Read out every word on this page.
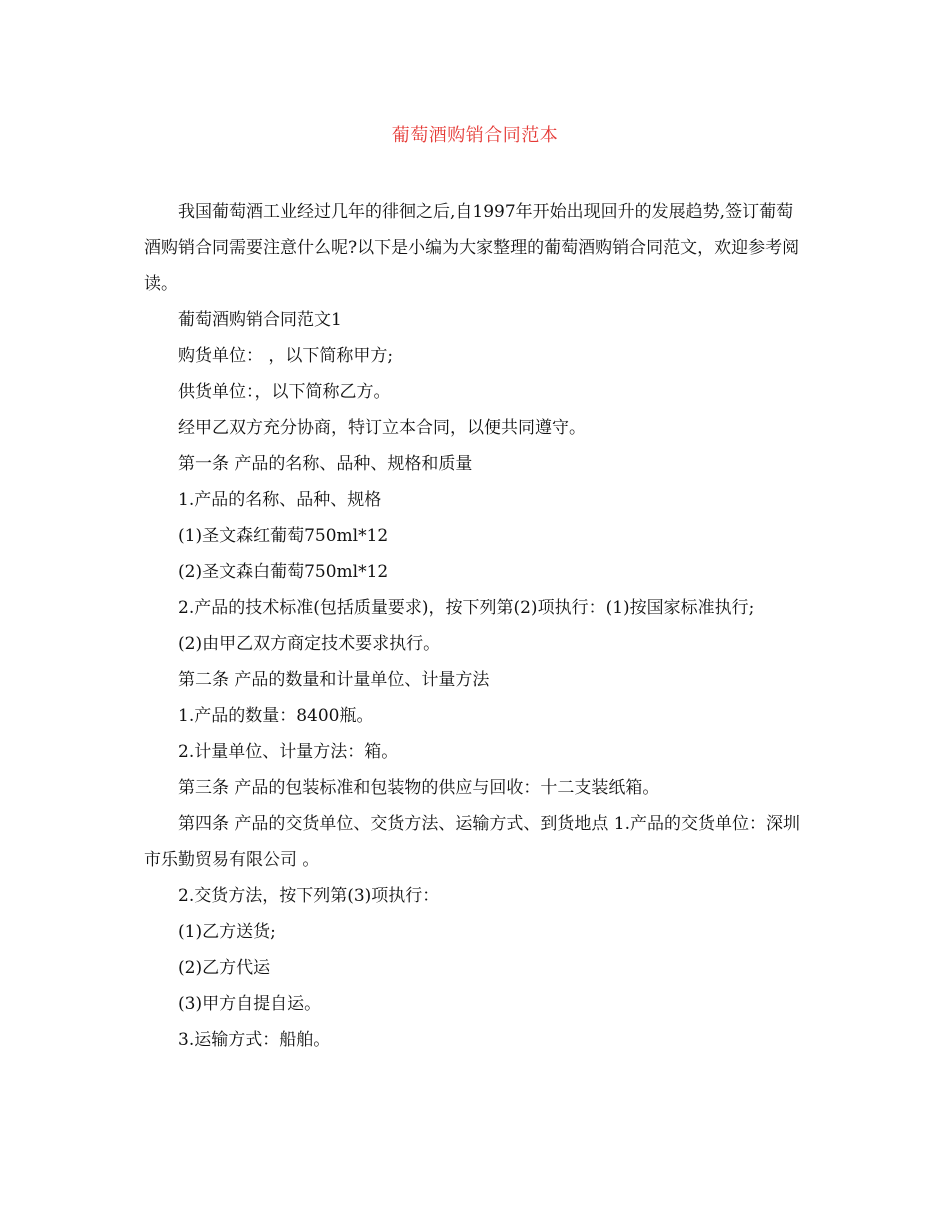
葡萄酒购销合同范本

我国葡萄酒工业经过几年的徘徊之后,自1997年开始出现回升的发展趋势,签订葡萄酒购销合同需要注意什么呢?以下是小编为大家整理的葡萄酒购销合同范文，欢迎参考阅读。

葡萄酒购销合同范文1

购货单位： ，以下简称甲方;

供货单位：，以下简称乙方。

经甲乙双方充分协商，特订立本合同，以便共同遵守。

第一条 产品的名称、品种、规格和质量

1.产品的名称、品种、规格

(1)圣文森红葡萄750ml*12

(2)圣文森白葡萄750ml*12

2.产品的技术标准(包括质量要求)，按下列第(2)项执行：(1)按国家标准执行;

(2)由甲乙双方商定技术要求执行。

第二条 产品的数量和计量单位、计量方法

1.产品的数量：8400瓶。

2.计量单位、计量方法：箱。

第三条 产品的包装标准和包装物的供应与回收：十二支装纸箱。

第四条 产品的交货单位、交货方法、运输方式、到货地点 1.产品的交货单位：深圳市乐勤贸易有限公司 。

2.交货方法，按下列第(3)项执行：

(1)乙方送货;

(2)乙方代运

(3)甲方自提自运。

3.运输方式：船舶。
